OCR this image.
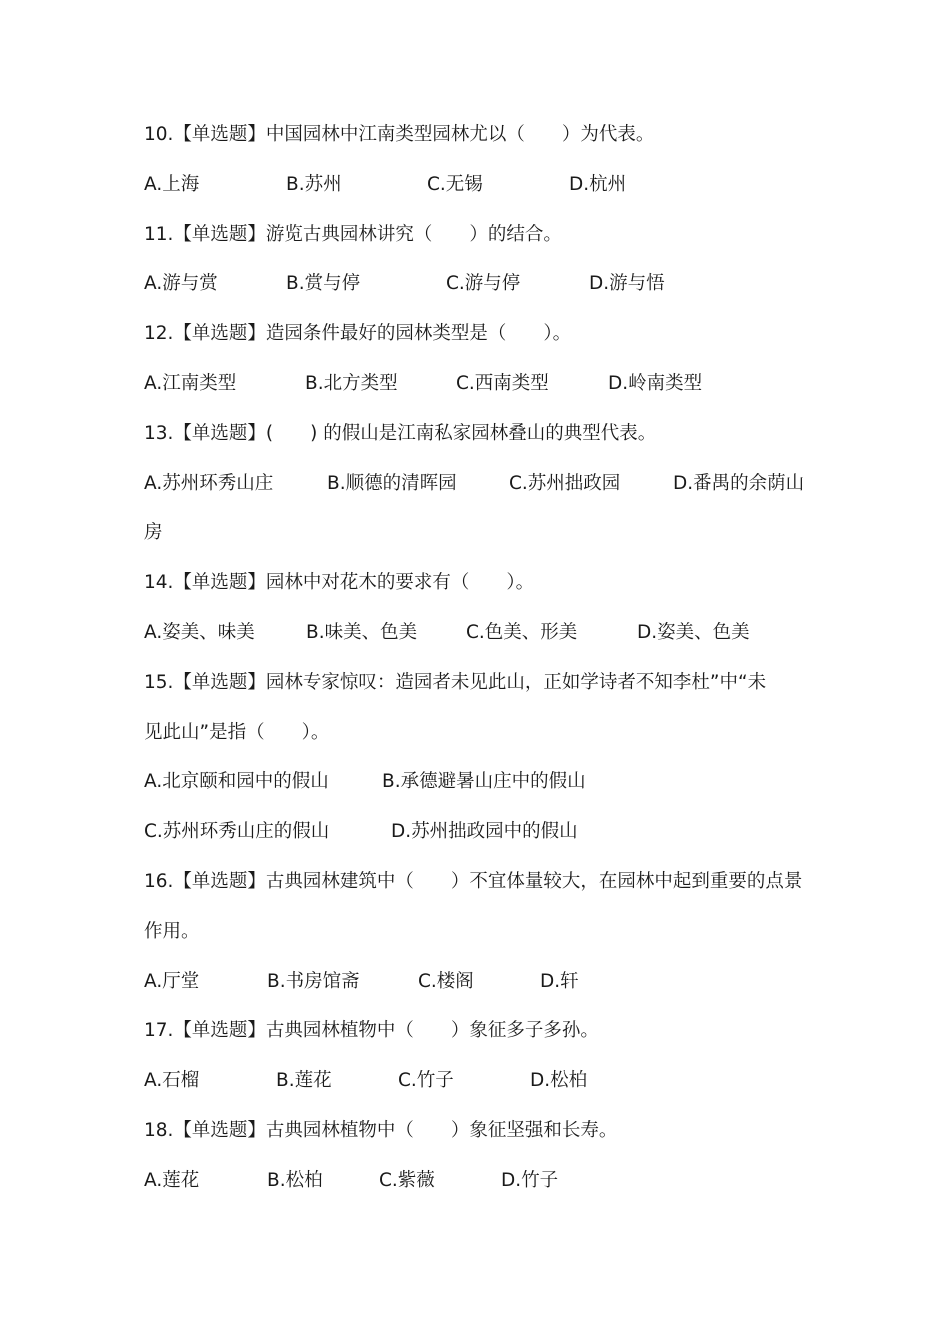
10.【单选题】中国园林中江南类型园林尤以（　　）为代表。
A.上海	B.苏州	C.无锡	D.杭州
11.【单选题】游览古典园林讲究（　　）的结合。
A.游与赏	B.赏与停	C.游与停	D.游与悟
12.【单选题】造园条件最好的园林类型是（　　）。
A.江南类型	B.北方类型	C.西南类型	D.岭南类型
13.【单选题】(　　) 的假山是江南私家园林叠山的典型代表。
A.苏州环秀山庄	B.顺德的清晖园	C.苏州拙政园	D.番禺的余荫山
房
14.【单选题】园林中对花木的要求有（　　）。
A.姿美、味美	B.味美、色美	C.色美、形美	D.姿美、色美
15.【单选题】园林专家惊叹：造园者未见此山，正如学诗者不知李杜”中“未
见此山”是指（　　）。
A.北京颐和园中的假山	B.承德避暑山庄中的假山
C.苏州环秀山庄的假山	D.苏州拙政园中的假山
16.【单选题】古典园林建筑中（　　）不宜体量较大，在园林中起到重要的点景
作用。
A.厅堂	B.书房馆斋	C.楼阁	D.轩
17.【单选题】古典园林植物中（　　）象征多子多孙。
A.石榴	B.莲花	C.竹子	D.松柏
18.【单选题】古典园林植物中（　　）象征坚强和长寿。
A.莲花	B.松柏	C.紫薇	D.竹子
